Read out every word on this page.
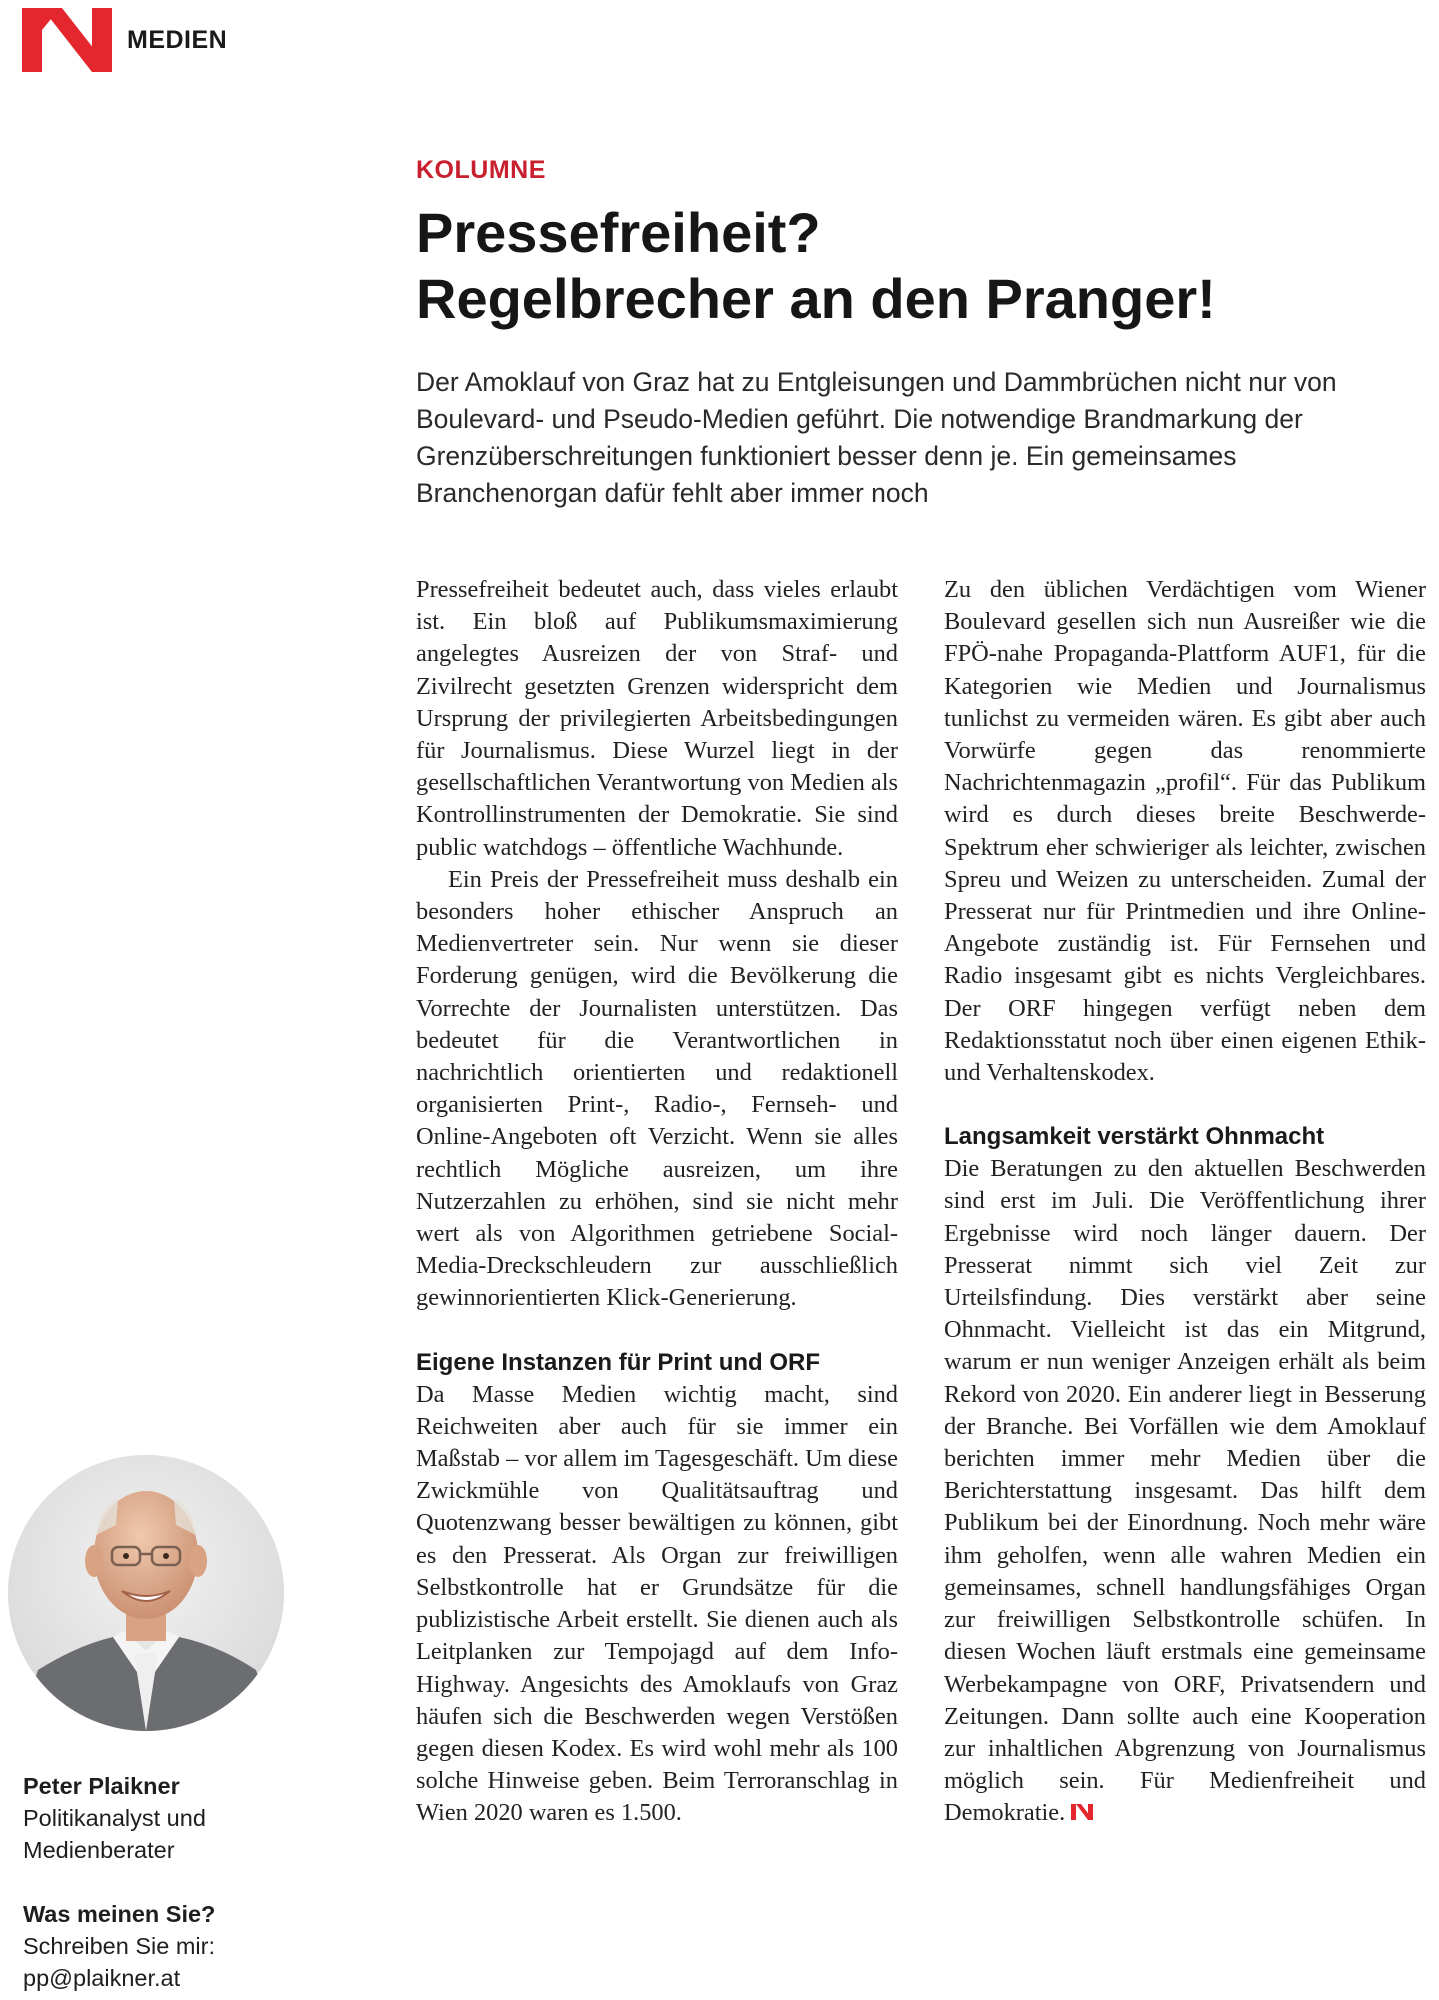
MEDIEN
KOLUMNE
Pressefreiheit?
Regelbrecher an den Pranger!

Der Amoklauf von Graz hat zu Entgleisungen und Dammbrüchen nicht nur von Boulevard- und Pseudo-Medien geführt. Die notwendige Brandmarkung der Grenzüberschreitungen funktioniert besser denn je. Ein gemeinsames Branchenorgan dafür fehlt aber immer noch

Pressefreiheit bedeutet auch, dass vieles erlaubt ist. Ein bloß auf Publikumsmaximierung angelegtes Ausreizen der von Straf- und Zivilrecht gesetzten Grenzen widerspricht dem Ursprung der privilegierten Arbeitsbedingungen für Journalismus. Diese Wurzel liegt in der gesellschaftlichen Verantwortung von Medien als Kontrollinstrumenten der Demokratie. Sie sind public watchdogs – öffentliche Wachhunde.

Ein Preis der Pressefreiheit muss deshalb ein besonders hoher ethischer Anspruch an Medienvertreter sein. Nur wenn sie dieser Forderung genügen, wird die Bevölkerung die Vorrechte der Journalisten unterstützen. Das bedeutet für die Verantwortlichen in nachrichtlich orientierten und redaktionell organisierten Print-, Radio-, Fernseh- und Online-Angeboten oft Verzicht. Wenn sie alles rechtlich Mögliche ausreizen, um ihre Nutzerzahlen zu erhöhen, sind sie nicht mehr wert als von Algorithmen getriebene Social-Media-Dreckschleudern zur ausschließlich gewinnorientierten Klick-Generierung.

Eigene Instanzen für Print und ORF

Da Masse Medien wichtig macht, sind Reichweiten aber auch für sie immer ein Maßstab – vor allem im Tagesgeschäft. Um diese Zwickmühle von Qualitätsauftrag und Quotenzwang besser bewältigen zu können, gibt es den Presserat. Als Organ zur freiwilligen Selbstkontrolle hat er Grundsätze für die publizistische Arbeit erstellt. Sie dienen auch als Leitplanken zur Tempojagd auf dem Info-Highway. Angesichts des Amoklaufs von Graz häufen sich die Beschwerden wegen Verstößen gegen diesen Kodex. Es wird wohl mehr als 100 solche Hinweise geben. Beim Terroranschlag in Wien 2020 waren es 1.500.

Zu den üblichen Verdächtigen vom Wiener Boulevard gesellen sich nun Ausreißer wie die FPÖ-nahe Propaganda-Plattform AUF1, für die Kategorien wie Medien und Journalismus tunlichst zu vermeiden wären. Es gibt aber auch Vorwürfe gegen das renommierte Nachrichtenmagazin „profil“. Für das Publikum wird es durch dieses breite Beschwerde-Spektrum eher schwieriger als leichter, zwischen Spreu und Weizen zu unterscheiden. Zumal der Presserat nur für Printmedien und ihre Online-Angebote zuständig ist. Für Fernsehen und Radio insgesamt gibt es nichts Vergleichbares. Der ORF hingegen verfügt neben dem Redaktionsstatut noch über einen eigenen Ethik- und Verhaltenskodex.

Langsamkeit verstärkt Ohnmacht

Die Beratungen zu den aktuellen Beschwerden sind erst im Juli. Die Veröffentlichung ihrer Ergebnisse wird noch länger dauern. Der Presserat nimmt sich viel Zeit zur Urteilsfindung. Dies verstärkt aber seine Ohnmacht. Vielleicht ist das ein Mitgrund, warum er nun weniger Anzeigen erhält als beim Rekord von 2020. Ein anderer liegt in Besserung der Branche. Bei Vorfällen wie dem Amoklauf berichten immer mehr Medien über die Berichterstattung insgesamt. Das hilft dem Publikum bei der Einordnung. Noch mehr wäre ihm geholfen, wenn alle wahren Medien ein gemeinsames, schnell handlungsfähiges Organ zur freiwilligen Selbstkontrolle schüfen. In diesen Wochen läuft erstmals eine gemeinsame Werbekampagne von ORF, Privatsendern und Zeitungen. Dann sollte auch eine Kooperation zur inhaltlichen Abgrenzung von Journalismus möglich sein. Für Medienfreiheit und Demokratie.

Peter Plaikner

Politikanalyst und

Medienberater

Was meinen Sie?

Schreiben Sie mir:

pp@plaikner.at
